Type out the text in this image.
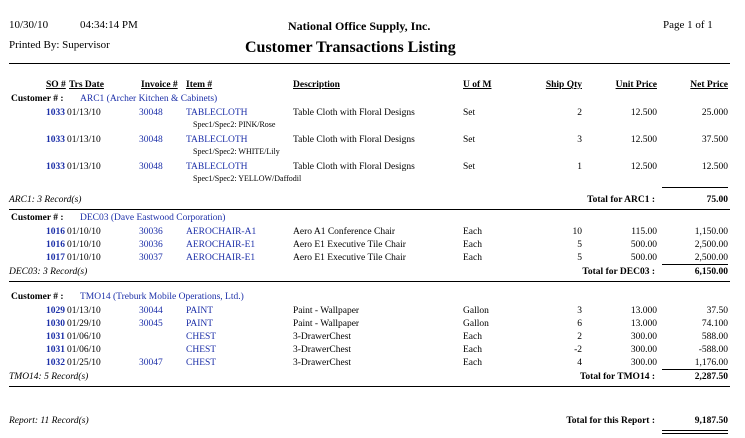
10/30/10	04:34:14 PM	National Office Supply, Inc.	Page 1 of 1
Printed By: Supervisor	Customer Transactions Listing
SO # Trs Date	Invoice # Item #	Description	U of M	Ship Qty	Unit Price	Net Price
Customer # : ARC1 (Archer Kitchen & Cabinets)
1033 01/13/10	30048 TABLECLOTH	Table Cloth with Floral Designs	Set	2	12.500	25.000
Spec1/Spec2: PINK/Rose
1033 01/13/10	30048 TABLECLOTH	Table Cloth with Floral Designs	Set	3	12.500	37.500
Spec1/Spec2: WHITE/Lily
1033 01/13/10	30048 TABLECLOTH	Table Cloth with Floral Designs	Set	1	12.500	12.500
Spec1/Spec2: YELLOW/Daffodil
ARC1: 3 Record(s)	Total for ARC1 :	75.00
Customer # : DEC03 (Dave Eastwood Corporation)
1016 01/10/10	30036 AEROCHAIR-A1	Aero A1 Conference Chair	Each	10	115.00	1,150.00
1016 01/10/10	30036 AEROCHAIR-E1	Aero E1 Executive Tile Chair	Each	5	500.00	2,500.00
1017 01/10/10	30037 AEROCHAIR-E1	Aero E1 Executive Tile Chair	Each	5	500.00	2,500.00
DEC03: 3 Record(s)	Total for DEC03 :	6,150.00
Customer # : TMO14 (Treburk Mobile Operations, Ltd.)
1029 01/13/10	30044 PAINT	Paint - Wallpaper	Gallon	3	13.000	37.50
1030 01/29/10	30045 PAINT	Paint - Wallpaper	Gallon	6	13.000	74.100
1031 01/06/10	CHEST	3-DrawerChest	Each	2	300.00	588.00
1031 01/06/10	CHEST	3-DrawerChest	Each	-2	300.00	-588.00
1032 01/25/10	30047 CHEST	3-DrawerChest	Each	4	300.00	1,176.00
TMO14: 5 Record(s)	Total for TMO14 :	2,287.50
Report: 11 Record(s)	Total for this Report :	9,187.50
